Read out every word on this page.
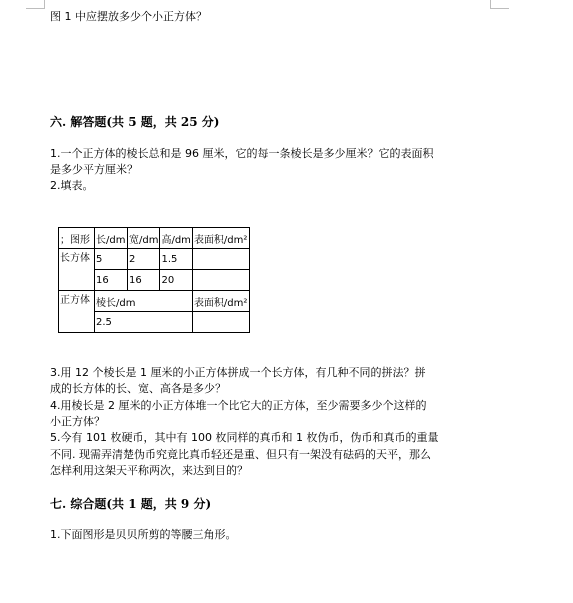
图 1 中应摆放多少个小正方体？
六. 解答题(共 5 题，共 25 分)
1.一个正方体的棱长总和是 96 厘米，它的每一条棱长是多少厘米？它的表面积
是多少平方厘米？
2.填表。
；图形	长/dm	宽/dm	高/dm	表面积/dm²
长方体	5	2	1.5	
	16	16	20	
正方体	棱长/dm			表面积/dm²
	2.5			
3.用 12 个棱长是 1 厘米的小正方体拼成一个长方体，有几种不同的拼法？拼
成的长方体的长、宽、高各是多少？
4.用棱长是 2 厘米的小正方体堆一个比它大的正方体，至少需要多少个这样的
小正方体？
5.今有 101 枚硬币，其中有 100 枚同样的真币和 1 枚伪币，伪币和真币的重量
不同. 现需弄清楚伪币究竟比真币轻还是重、但只有一架没有砝码的天平，那么
怎样利用这架天平称两次，来达到目的？
七. 综合题(共 1 题，共 9 分)
1.下面图形是贝贝所剪的等腰三角形。
